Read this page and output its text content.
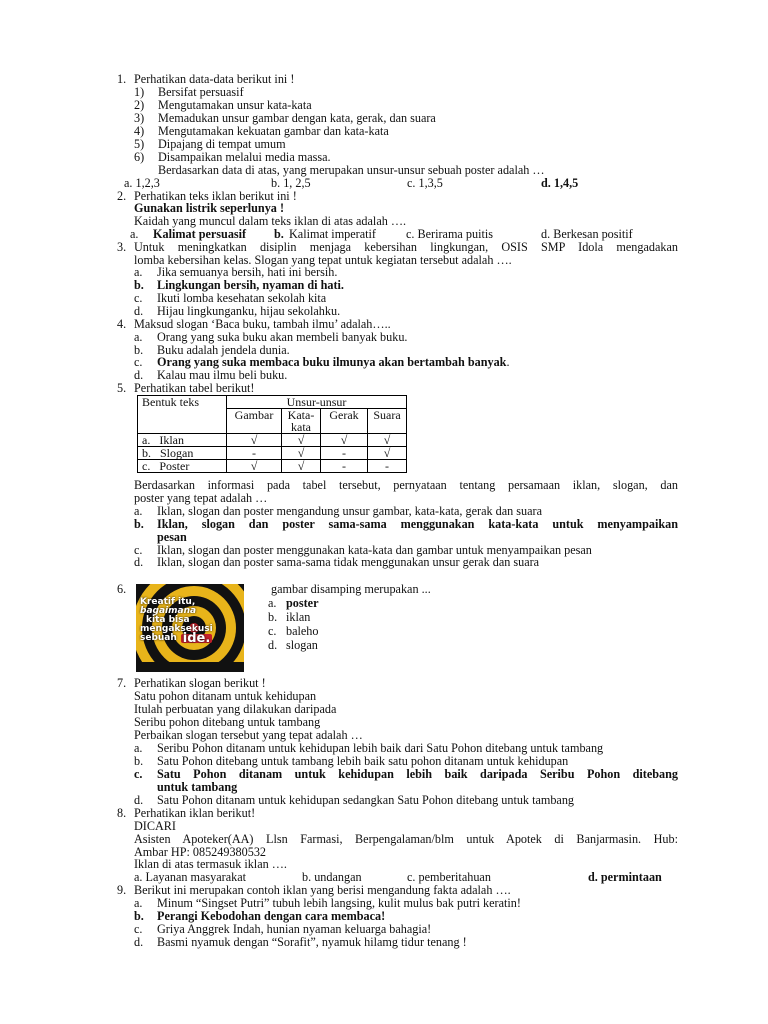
1. Perhatikan data-data berikut ini !
1) Bersifat persuasif
2) Mengutamakan unsur kata-kata
3) Memadukan unsur gambar dengan kata, gerak, dan suara
4) Mengutamakan kekuatan gambar dan kata-kata
5) Dipajang di tempat umum
6) Disampaikan melalui media massa.
Berdasarkan data di atas, yang merupakan unsur-unsur sebuah poster adalah …
a. 1,2,3	b. 1, 2,5	c. 1,3,5	d. 1,4,5
2. Perhatikan teks iklan berikut ini !
Gunakan listrik seperlunya !
Kaidah yang muncul dalam teks iklan di atas adalah ….
a. Kalimat persuasif b. Kalimat imperatif c. Berirama puitis	d. Berkesan positif
3. Untuk meningkatkan disiplin menjaga kebersihan lingkungan, OSIS SMP Idola mengadakan
lomba kebersihan kelas. Slogan yang tepat untuk kegiatan tersebut adalah ….
a. Jika semuanya bersih, hati ini bersih.
b. Lingkungan bersih, nyaman di hati.
c. Ikuti lomba kesehatan sekolah kita
d. Hijau lingkunganku, hijau sekolahku.
4. Maksud slogan ‘Baca buku, tambah ilmu’ adalah…..
a. Orang yang suka buku akan membeli banyak buku.
b. Buku adalah jendela dunia.
c. Orang yang suka membaca buku ilmunya akan bertambah banyak.
d. Kalau mau ilmu beli buku.
5. Perhatikan tabel berikut!
Bentuk teks	Unsur-unsur			
	Gambar	Kata-
kata	Gerak	Suara
a.   Iklan	√	√	√	√
b.   Slogan	-	√	-	√
c.   Poster	√	√	-	-
Berdasarkan informasi pada tabel tersebut, pernyataan tentang persamaan iklan, slogan, dan
poster yang tepat adalah …
a. Iklan, slogan dan poster mengandung unsur gambar, kata-kata, gerak dan suara
b. Iklan, slogan dan poster sama-sama menggunakan kata-kata untuk menyampaikan
pesan
c. Iklan, slogan dan poster menggunakan kata-kata dan gambar untuk menyampaikan pesan
d. Iklan, slogan dan poster sama-sama tidak menggunakan unsur gerak dan suara
6.
Kreatif itu,
bagaimana
kita bisa
mengaksekusi
sebuah ide.
gambar disamping merupakan ...
a. poster
b. iklan
c. baleho
d. slogan
7. Perhatikan slogan berikut !
Satu pohon ditanam untuk kehidupan
Itulah perbuatan yang dilakukan daripada
Seribu pohon ditebang untuk tambang
Perbaikan slogan tersebut yang tepat adalah …
a. Seribu Pohon ditanam untuk kehidupan lebih baik dari Satu Pohon ditebang untuk tambang
b. Satu Pohon ditebang untuk tambang lebih baik satu pohon ditanam untuk kehidupan
c. Satu Pohon ditanam untuk kehidupan lebih baik daripada Seribu Pohon ditebang
untuk tambang
d. Satu Pohon ditanam untuk kehidupan sedangkan Satu Pohon ditebang untuk tambang
8. Perhatikan iklan berikut!
DICARI
Asisten Apoteker(AA) Llsn Farmasi, Berpengalaman/blm untuk Apotek di Banjarmasin. Hub:
Ambar HP: 085249380532
Iklan di atas termasuk iklan ….
a. Layanan masyarakat	b. undangan	c. pemberitahuan	d. permintaan
9. Berikut ini merupakan contoh iklan yang berisi mengandung fakta adalah ….
a. Minum “Singset Putri” tubuh lebih langsing, kulit mulus bak putri keratin!
b. Perangi Kebodohan dengan cara membaca!
c. Griya Anggrek Indah, hunian nyaman keluarga bahagia!
d. Basmi nyamuk dengan “Sorafit”, nyamuk hilamg tidur tenang !
